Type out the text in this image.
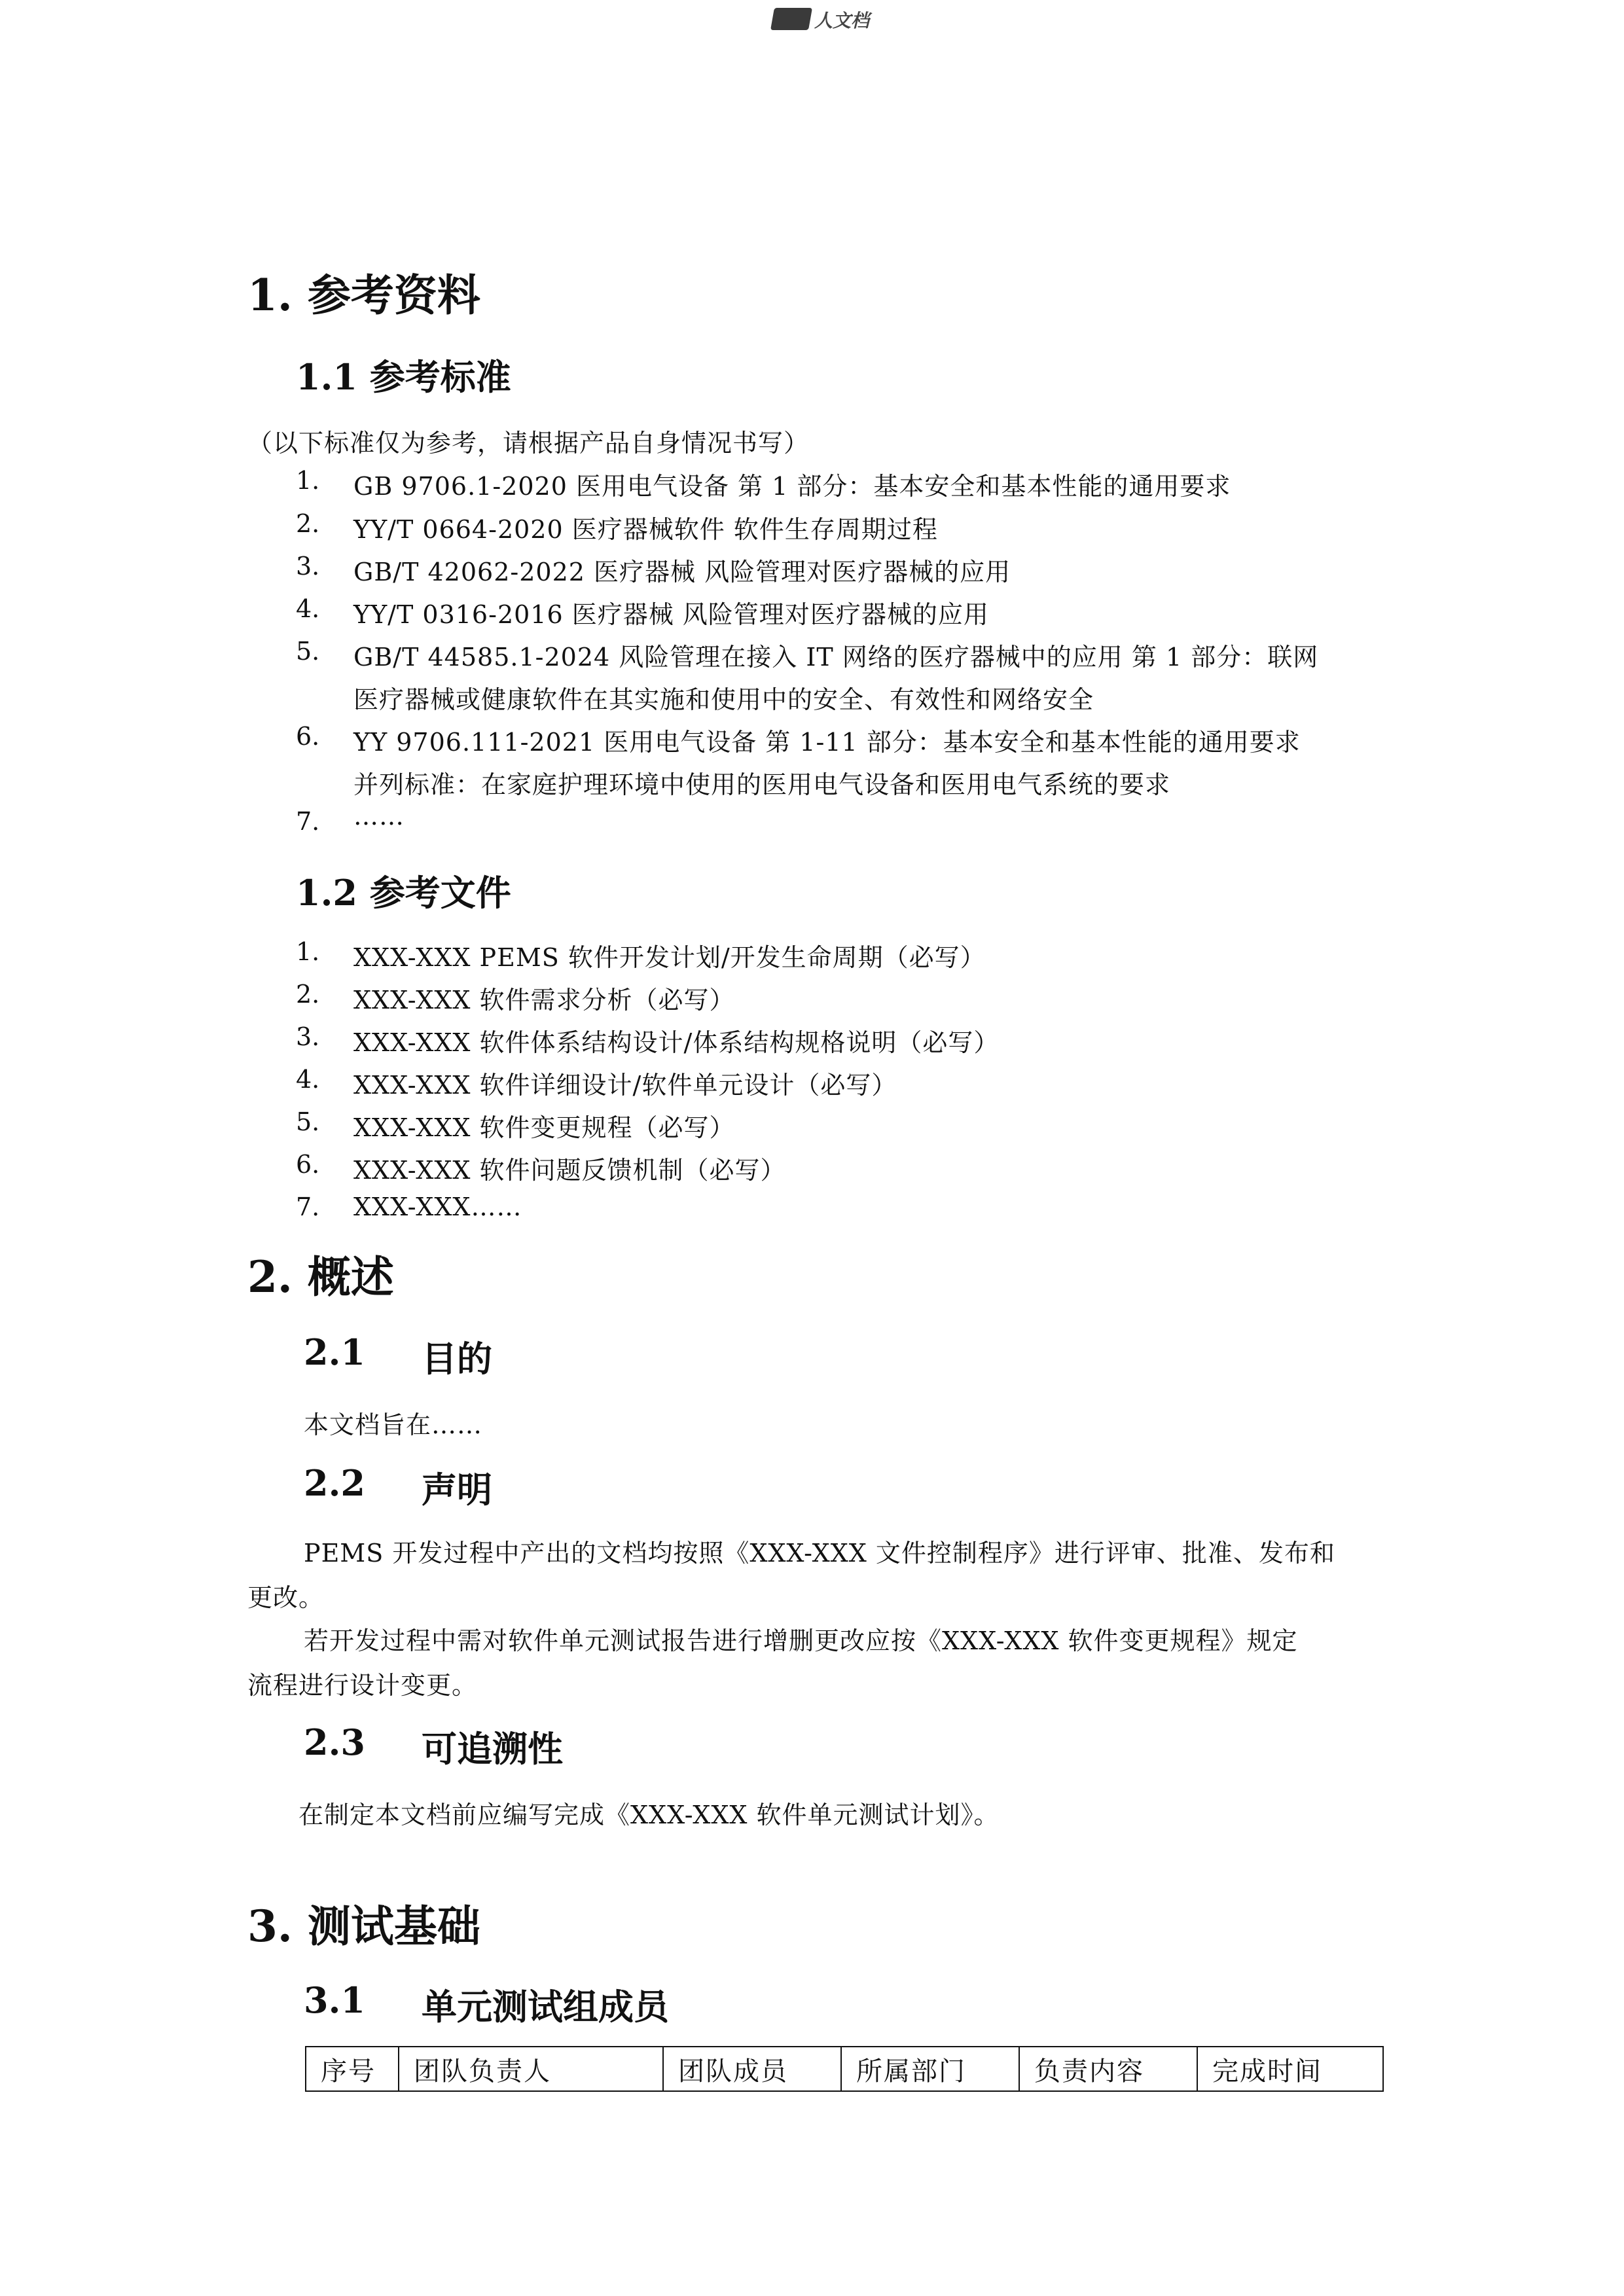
人文档
1. 参考资料
1.1 参考标准
（以下标准仅为参考，请根据产品自身情况书写）
1. GB 9706.1-2020 医用电气设备 第 1 部分：基本安全和基本性能的通用要求
2. YY/T 0664-2020 医疗器械软件 软件生存周期过程
3. GB/T 42062-2022 医疗器械 风险管理对医疗器械的应用
4. YY/T 0316-2016 医疗器械 风险管理对医疗器械的应用
5. GB/T 44585.1-2024 风险管理在接入 IT 网络的医疗器械中的应用 第 1 部分：联网
医疗器械或健康软件在其实施和使用中的安全、有效性和网络安全
6. YY 9706.111-2021 医用电气设备 第 1-11 部分：基本安全和基本性能的通用要求
并列标准：在家庭护理环境中使用的医用电气设备和医用电气系统的要求
7. ……
1.2 参考文件
1. XXX-XXX PEMS 软件开发计划/开发生命周期（必写）
2. XXX-XXX 软件需求分析（必写）
3. XXX-XXX 软件体系结构设计/体系结构规格说明（必写）
4. XXX-XXX 软件详细设计/软件单元设计（必写）
5. XXX-XXX 软件变更规程（必写）
6. XXX-XXX 软件问题反馈机制（必写）
7. XXX-XXX……
2. 概述
2.1 目的
本文档旨在……
2.2 声明
PEMS 开发过程中产出的文档均按照《XXX-XXX 文件控制程序》进行评审、批准、发布和
更改。
若开发过程中需对软件单元测试报告进行增删更改应按《XXX-XXX 软件变更规程》规定
流程进行设计变更。
2.3 可追溯性
在制定本文档前应编写完成《XXX-XXX 软件单元测试计划》。
3. 测试基础
3.1 单元测试组成员
序号	团队负责人	团队成员	所属部门	负责内容	完成时间
